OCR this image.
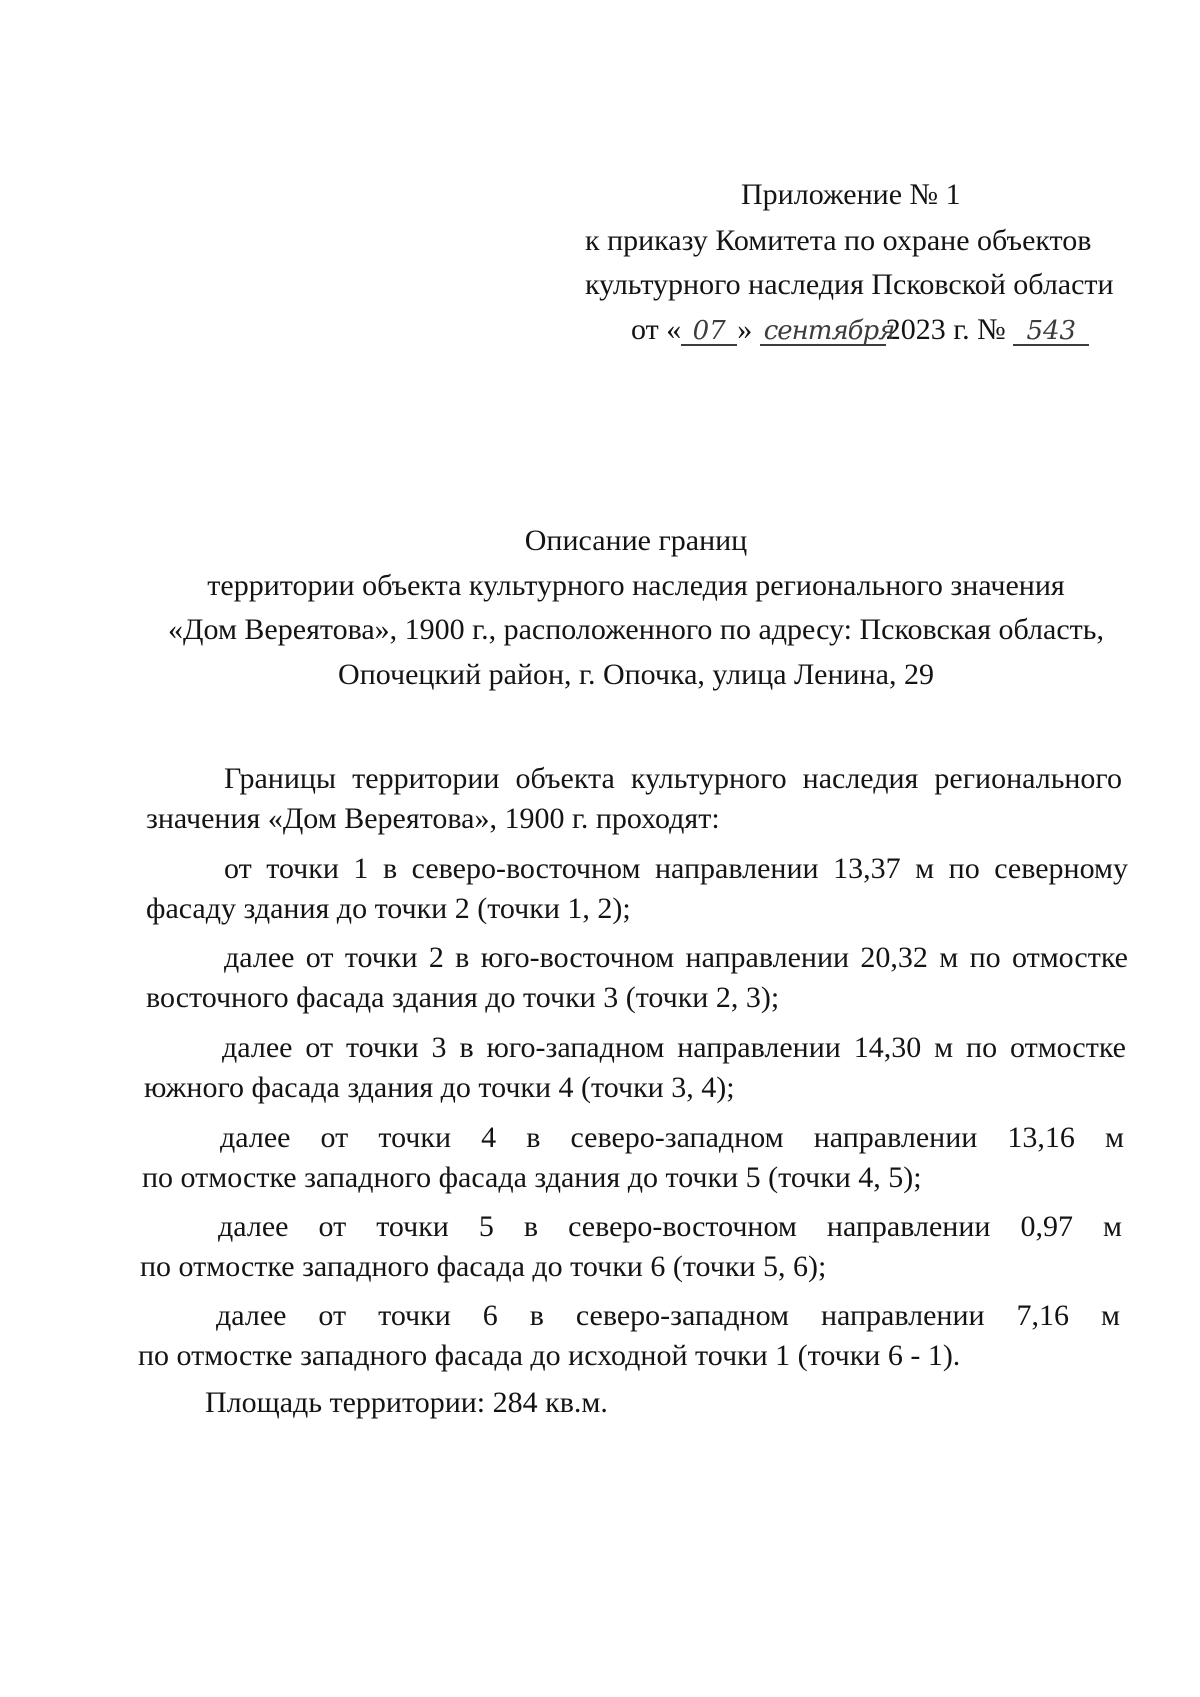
Приложение № 1
к приказу Комитета по охране объектов
культурного наследия Псковской области
от « 07 » сентября2023 г. № 543
Описание границ
территории объекта культурного наследия регионального значения
«Дом Вереятова», 1900 г., расположенного по адресу: Псковская область,
Опочецкий район, г. Опочка, улица Ленина, 29
Границы территории объекта культурного наследия регионального
значения «Дом Вереятова», 1900 г. проходят:
от точки 1 в северо-восточном направлении 13,37 м по северному
фасаду здания до точки 2 (точки 1, 2);
далее от точки 2 в юго-восточном направлении 20,32 м по отмостке
восточного фасада здания до точки 3 (точки 2, 3);
далее от точки 3 в юго-западном направлении 14,30 м по отмостке
южного фасада здания до точки 4 (точки 3, 4);
далее от точки 4 в северо-западном направлении 13,16 м
по отмостке западного фасада здания до точки 5 (точки 4, 5);
далее от точки 5 в северо-восточном направлении 0,97 м
по отмостке западного фасада до точки 6 (точки 5, 6);
далее от точки 6 в северо-западном направлении 7,16 м
по отмостке западного фасада до исходной точки 1 (точки 6 - 1).
Площадь территории: 284 кв.м.
